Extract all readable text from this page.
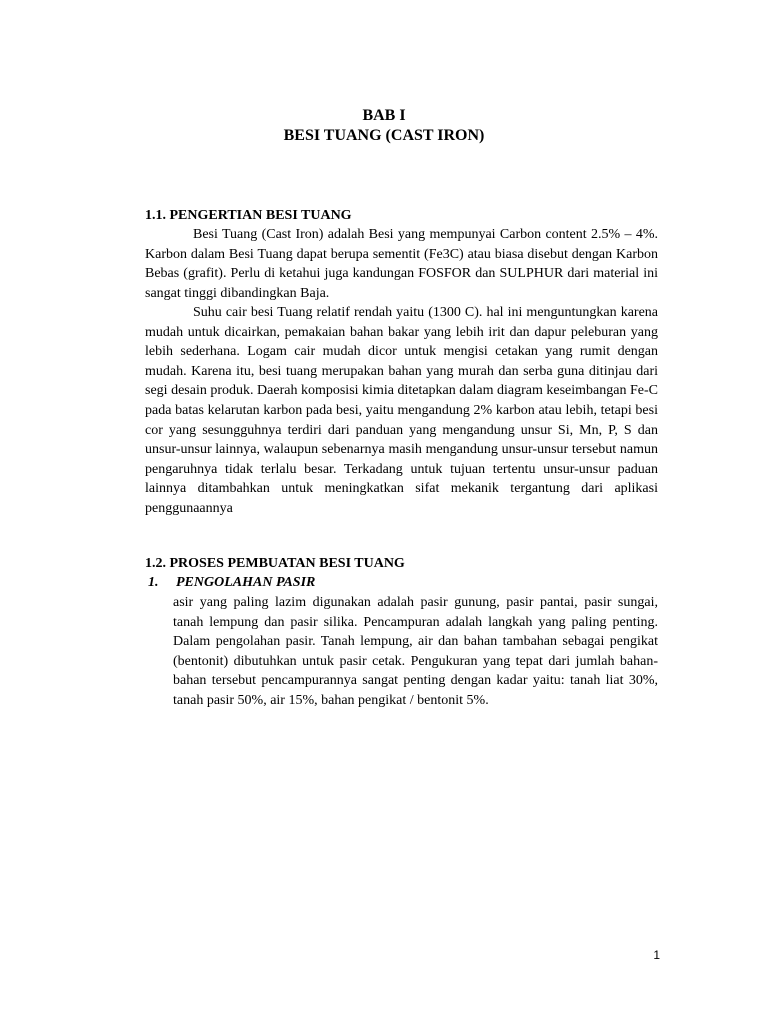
BAB I
BESI TUANG (CAST IRON)
1.1. PENGERTIAN BESI TUANG
Besi Tuang (Cast Iron) adalah Besi yang mempunyai Carbon content 2.5% – 4%. Karbon dalam Besi Tuang dapat berupa sementit (Fe3C) atau biasa disebut dengan Karbon Bebas (grafit). Perlu di ketahui juga kandungan FOSFOR dan SULPHUR dari material ini sangat tinggi dibandingkan Baja.
Suhu cair besi Tuang relatif rendah yaitu (1300 C). hal ini menguntungkan karena mudah untuk dicairkan, pemakaian bahan bakar yang lebih irit dan dapur peleburan yang lebih sederhana. Logam cair mudah dicor untuk mengisi cetakan yang rumit dengan mudah. Karena itu, besi tuang merupakan bahan yang murah dan serba guna ditinjau dari segi desain produk. Daerah komposisi kimia ditetapkan dalam diagram keseimbangan Fe-C pada batas kelarutan karbon pada besi, yaitu mengandung 2% karbon atau lebih, tetapi besi cor yang sesungguhnya terdiri dari panduan yang mengandung unsur Si, Mn, P, S dan unsur-unsur lainnya, walaupun sebenarnya masih mengandung unsur-unsur tersebut namun pengaruhnya tidak terlalu besar. Terkadang untuk tujuan tertentu unsur-unsur paduan lainnya ditambahkan untuk meningkatkan sifat mekanik tergantung dari aplikasi penggunaannya
1.2. PROSES PEMBUATAN BESI TUANG
1. PENGOLAHAN PASIR
asir yang paling lazim digunakan adalah pasir gunung, pasir pantai, pasir sungai, tanah lempung dan pasir silika. Pencampuran adalah langkah yang paling penting. Dalam pengolahan pasir. Tanah lempung, air dan bahan tambahan sebagai pengikat (bentonit) dibutuhkan untuk pasir cetak. Pengukuran yang tepat dari jumlah bahan-bahan tersebut pencampurannya sangat penting dengan kadar yaitu: tanah liat 30%, tanah pasir 50%, air 15%, bahan pengikat / bentonit 5%.
1
